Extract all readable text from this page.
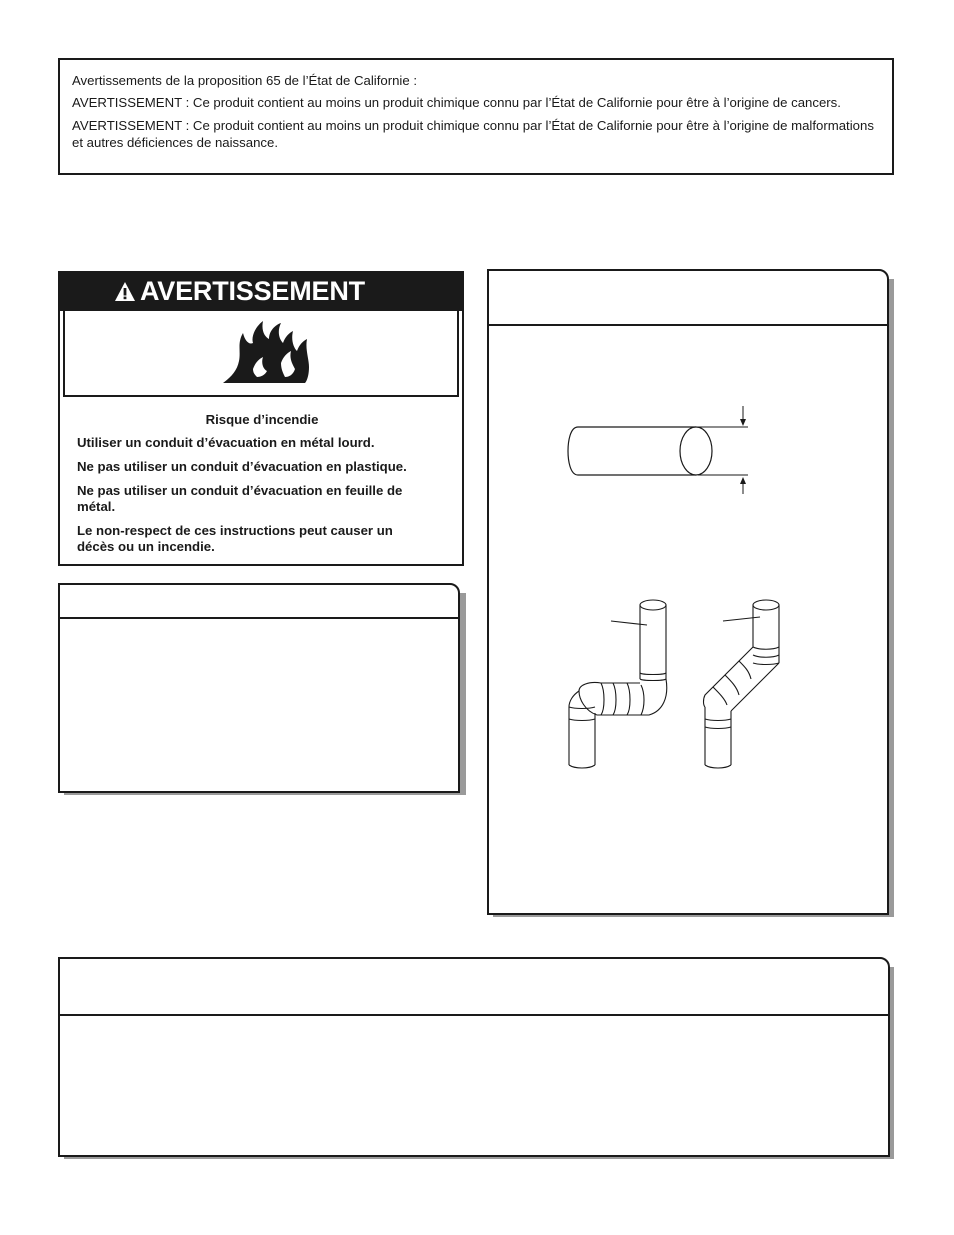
Avertissements de la proposition 65 de l’État de Californie :

AVERTISSEMENT : Ce produit contient au moins un produit chimique connu par l’État de Californie pour être à l’origine de cancers.

AVERTISSEMENT : Ce produit contient au moins un produit chimique connu par l’État de Californie pour être à l’origine de malformations et autres déficiences de naissance.

AVERTISSEMENT
Risque d’incendie
Utiliser un conduit d’évacuation en métal lourd.
Ne pas utiliser un conduit d’évacuation en plastique.
Ne pas utiliser un conduit d’évacuation en feuille de métal.
Le non-respect de ces instructions peut causer un décès ou un incendie.
